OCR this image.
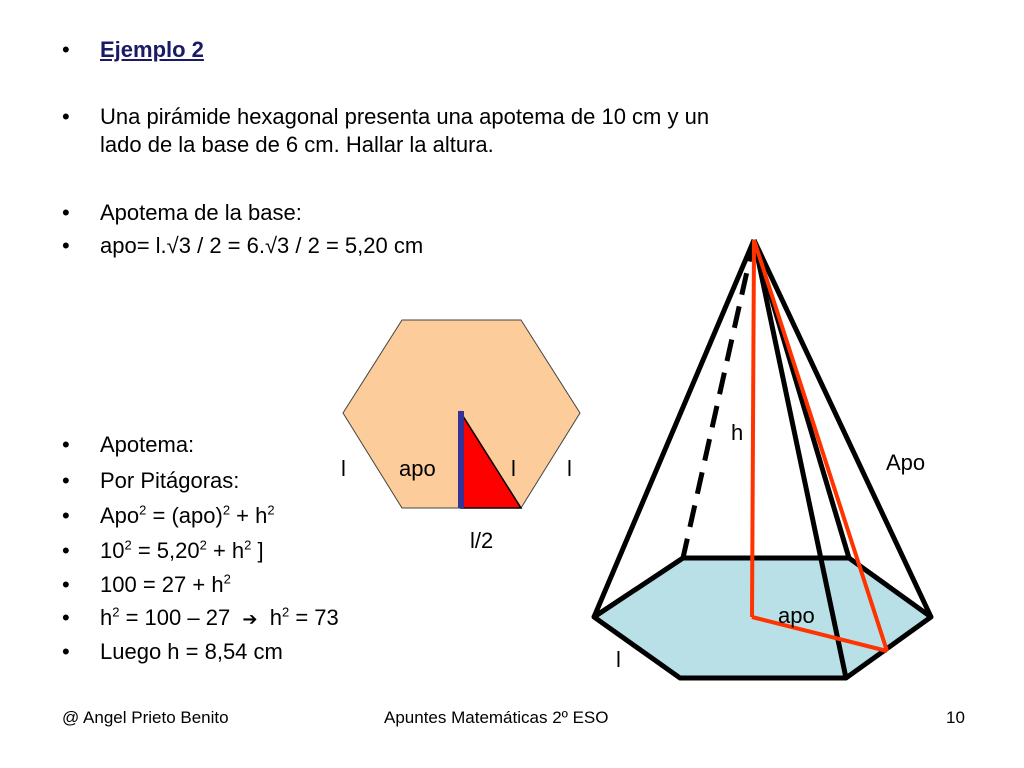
• Ejemplo 2
• Una pirámide hexagonal presenta una apotema de 10 cm y un
lado de la base de 6 cm. Hallar la altura.
• Apotema de la base:
• apo= l.√3 / 2 = 6.√3 / 2 = 5,20 cm
• Apotema:
• Por Pitágoras:
• $Apo^2 = (apo)^2 + h^2$
• $10^2 = 5,20^2 + h^2$ ]
• $100 = 27 + h^2$
• $h^2 = 100 - 27$  ➔  $h^2 = 73$
• Luego h = 8,54 cm
l apo	l l
l/2
h
Apo
apo
l
@ Angel Prieto Benito	Apuntes Matemáticas 2º ESO	10
